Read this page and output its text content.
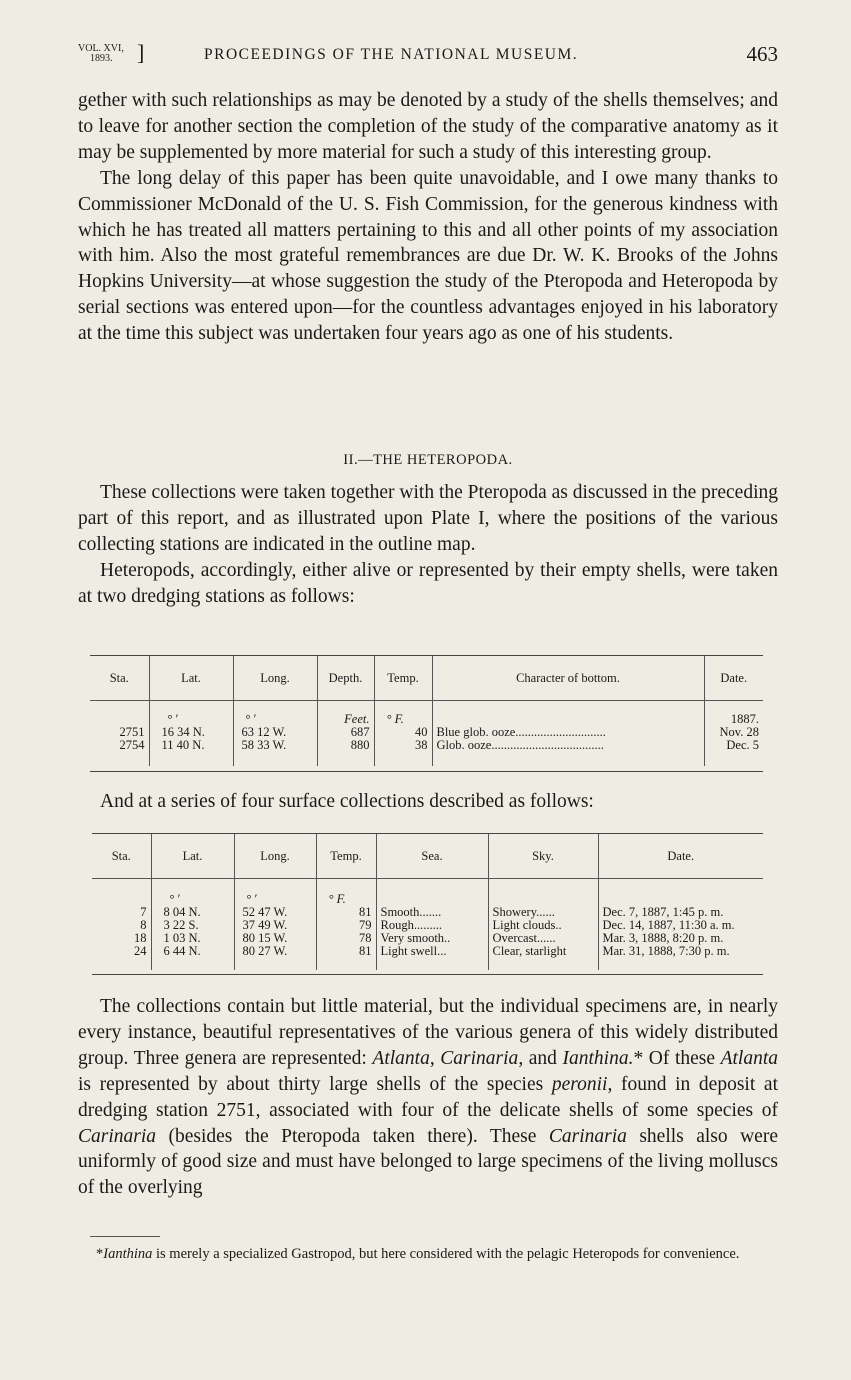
VOL. XVI,
1893.	]	PROCEEDINGS OF THE NATIONAL MUSEUM.	463

gether with such relationships as may be denoted by a study of the shells themselves; and to leave for another section the completion of the study of the comparative anatomy as it may be supplemented by more material for such a study of this interesting group.

The long delay of this paper has been quite unavoidable, and I owe many thanks to Commissioner McDonald of the U. S. Fish Commission, for the generous kindness with which he has treated all matters pertaining to this and all other points of my association with him. Also the most grateful remembrances are due Dr. W. K. Brooks of the Johns Hopkins University—at whose suggestion the study of the Pteropoda and Heteropoda by serial sections was entered upon—for the countless advantages enjoyed in his laboratory at the time this subject was undertaken four years ago as one of his students.

II.—THE HETEROPODA.

These collections were taken together with the Pteropoda as discussed in the preceding part of this report, and as illustrated upon Plate I, where the positions of the various collecting stations are indicated in the outline map.

Heteropods, accordingly, either alive or represented by their empty shells, were taken at two dredging stations as follows:

Sta.	Lat.	Long.	Depth.	Temp.	Character of bottom.	Date.
	° ′	° ′	Feet.	° F.		1887.
2751	16 34 N.	63 12 W.	687	40	Blue glob. ooze.............................	Nov. 28
2754	11 40 N.	58 33 W.	880	38	Glob. ooze....................................	Dec. 5

And at a series of four surface collections described as follows:

Sta.	Lat.	Long.	Temp.	Sea.	Sky.	Date.
	° ′	° ′	° F.			
7	8 04 N.	52 47 W.	81	Smooth.......	Showery......	Dec. 7, 1887, 1:45 p. m.
8	3 22 S.	37 49 W.	79	Rough.........	Light clouds..	Dec. 14, 1887, 11:30 a. m.
18	1 03 N.	80 15 W.	78	Very smooth..	Overcast......	Mar. 3, 1888, 8:20 p. m.
24	6 44 N.	80 27 W.	81	Light swell...	Clear, starlight	Mar. 31, 1888, 7:30 p. m.

The collections contain but little material, but the individual specimens are, in nearly every instance, beautiful representatives of the various genera of this widely distributed group. Three genera are represented: Atlanta, Carinaria, and Ianthina.* Of these Atlanta is represented by about thirty large shells of the species peronii, found in deposit at dredging station 2751, associated with four of the delicate shells of some species of Carinaria (besides the Pteropoda taken there). These Carinaria shells also were uniformly of good size and must have belonged to large specimens of the living molluscs of the overlying

*Ianthina is merely a specialized Gastropod, but here considered with the pelagic Heteropods for convenience.
